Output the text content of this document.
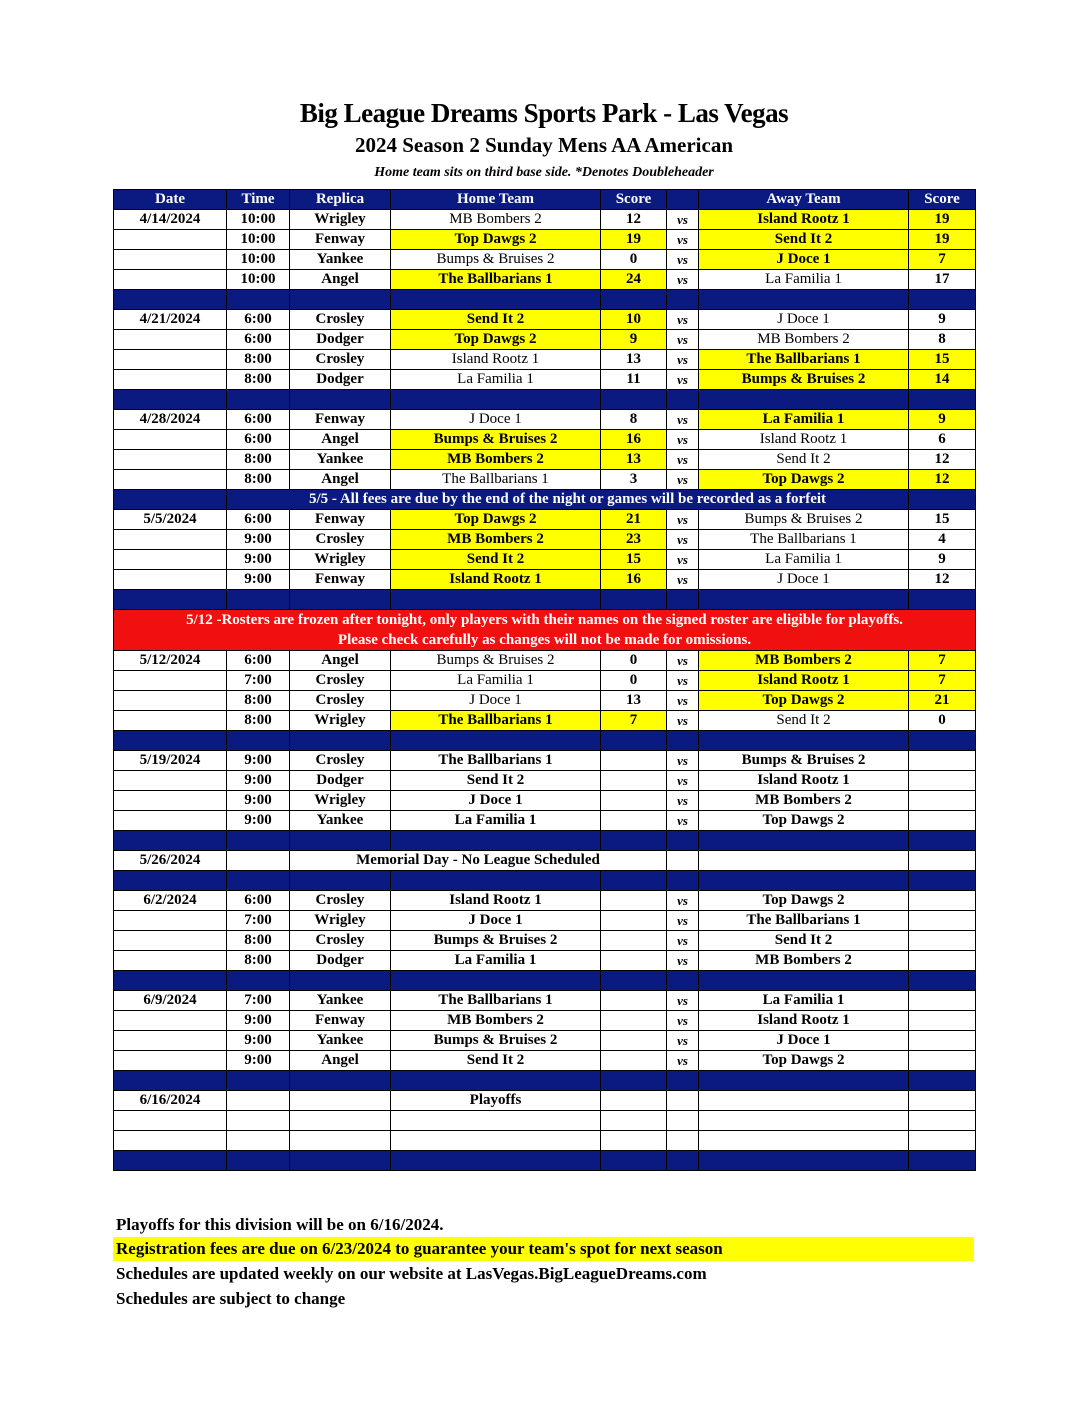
Big League Dreams Sports Park - Las Vegas
2024 Season 2 Sunday Mens AA American
Home team sits on third base side. *Denotes Doubleheader
Date	Time	Replica	Home Team	Score		Away Team	Score
4/14/2024	10:00	Wrigley	MB Bombers 2	12	vs	Island Rootz 1	19
	10:00	Fenway	Top Dawgs 2	19	vs	Send It 2	19
	10:00	Yankee	Bumps & Bruises 2	0	vs	J Doce 1	7
	10:00	Angel	The Ballbarians 1	24	vs	La Familia 1	17

4/21/2024	6:00	Crosley	Send It 2	10	vs	J Doce 1	9
	6:00	Dodger	Top Dawgs 2	9	vs	MB Bombers 2	8
	8:00	Crosley	Island Rootz 1	13	vs	The Ballbarians 1	15
	8:00	Dodger	La Familia 1	11	vs	Bumps & Bruises 2	14

4/28/2024	6:00	Fenway	J Doce 1	8	vs	La Familia 1	9
	6:00	Angel	Bumps & Bruises 2	16	vs	Island Rootz 1	6
	8:00	Yankee	MB Bombers 2	13	vs	Send It 2	12
	8:00	Angel	The Ballbarians 1	3	vs	Top Dawgs 2	12
	5/5 - All fees are due by the end of the night or games will be recorded as a forfeit						
5/5/2024	6:00	Fenway	Top Dawgs 2	21	vs	Bumps & Bruises 2	15
	9:00	Crosley	MB Bombers 2	23	vs	The Ballbarians 1	4
	9:00	Wrigley	Send It 2	15	vs	La Familia 1	9
	9:00	Fenway	Island Rootz 1	16	vs	J Doce 1	12

5/12 -Rosters are frozen after tonight, only players with their names on the signed roster are eligible for playoffs.
Please check carefully as changes will not be made for omissions.							

5/12/2024	6:00	Angel	Bumps & Bruises 2	0	vs	MB Bombers 2	7
	7:00	Crosley	La Familia 1	0	vs	Island Rootz 1	7
	8:00	Crosley	J Doce 1	13	vs	Top Dawgs 2	21
	8:00	Wrigley	The Ballbarians 1	7	vs	Send It 2	0

5/19/2024	9:00	Crosley	The Ballbarians 1		vs	Bumps & Bruises 2	
	9:00	Dodger	Send It 2		vs	Island Rootz 1	
	9:00	Wrigley	J Doce 1		vs	MB Bombers 2	
	9:00	Yankee	La Familia 1		vs	Top Dawgs 2	

5/26/2024		Memorial Day - No League Scheduled					

6/2/2024	6:00	Crosley	Island Rootz 1		vs	Top Dawgs 2	
	7:00	Wrigley	J Doce 1		vs	The Ballbarians 1	
	8:00	Crosley	Bumps & Bruises 2		vs	Send It 2	
	8:00	Dodger	La Familia 1		vs	MB Bombers 2	

6/9/2024	7:00	Yankee	The Ballbarians 1		vs	La Familia 1	
	9:00	Fenway	MB Bombers 2		vs	Island Rootz 1	
	9:00	Yankee	Bumps & Bruises 2		vs	J Doce 1	
	9:00	Angel	Send It 2		vs	Top Dawgs 2	

6/16/2024			Playoffs				

Playoffs for this division will be on 6/16/2024.
Registration fees are due on 6/23/2024 to guarantee your team's spot for next season
Schedules are updated weekly on our website at LasVegas.BigLeagueDreams.com
Schedules are subject to change
